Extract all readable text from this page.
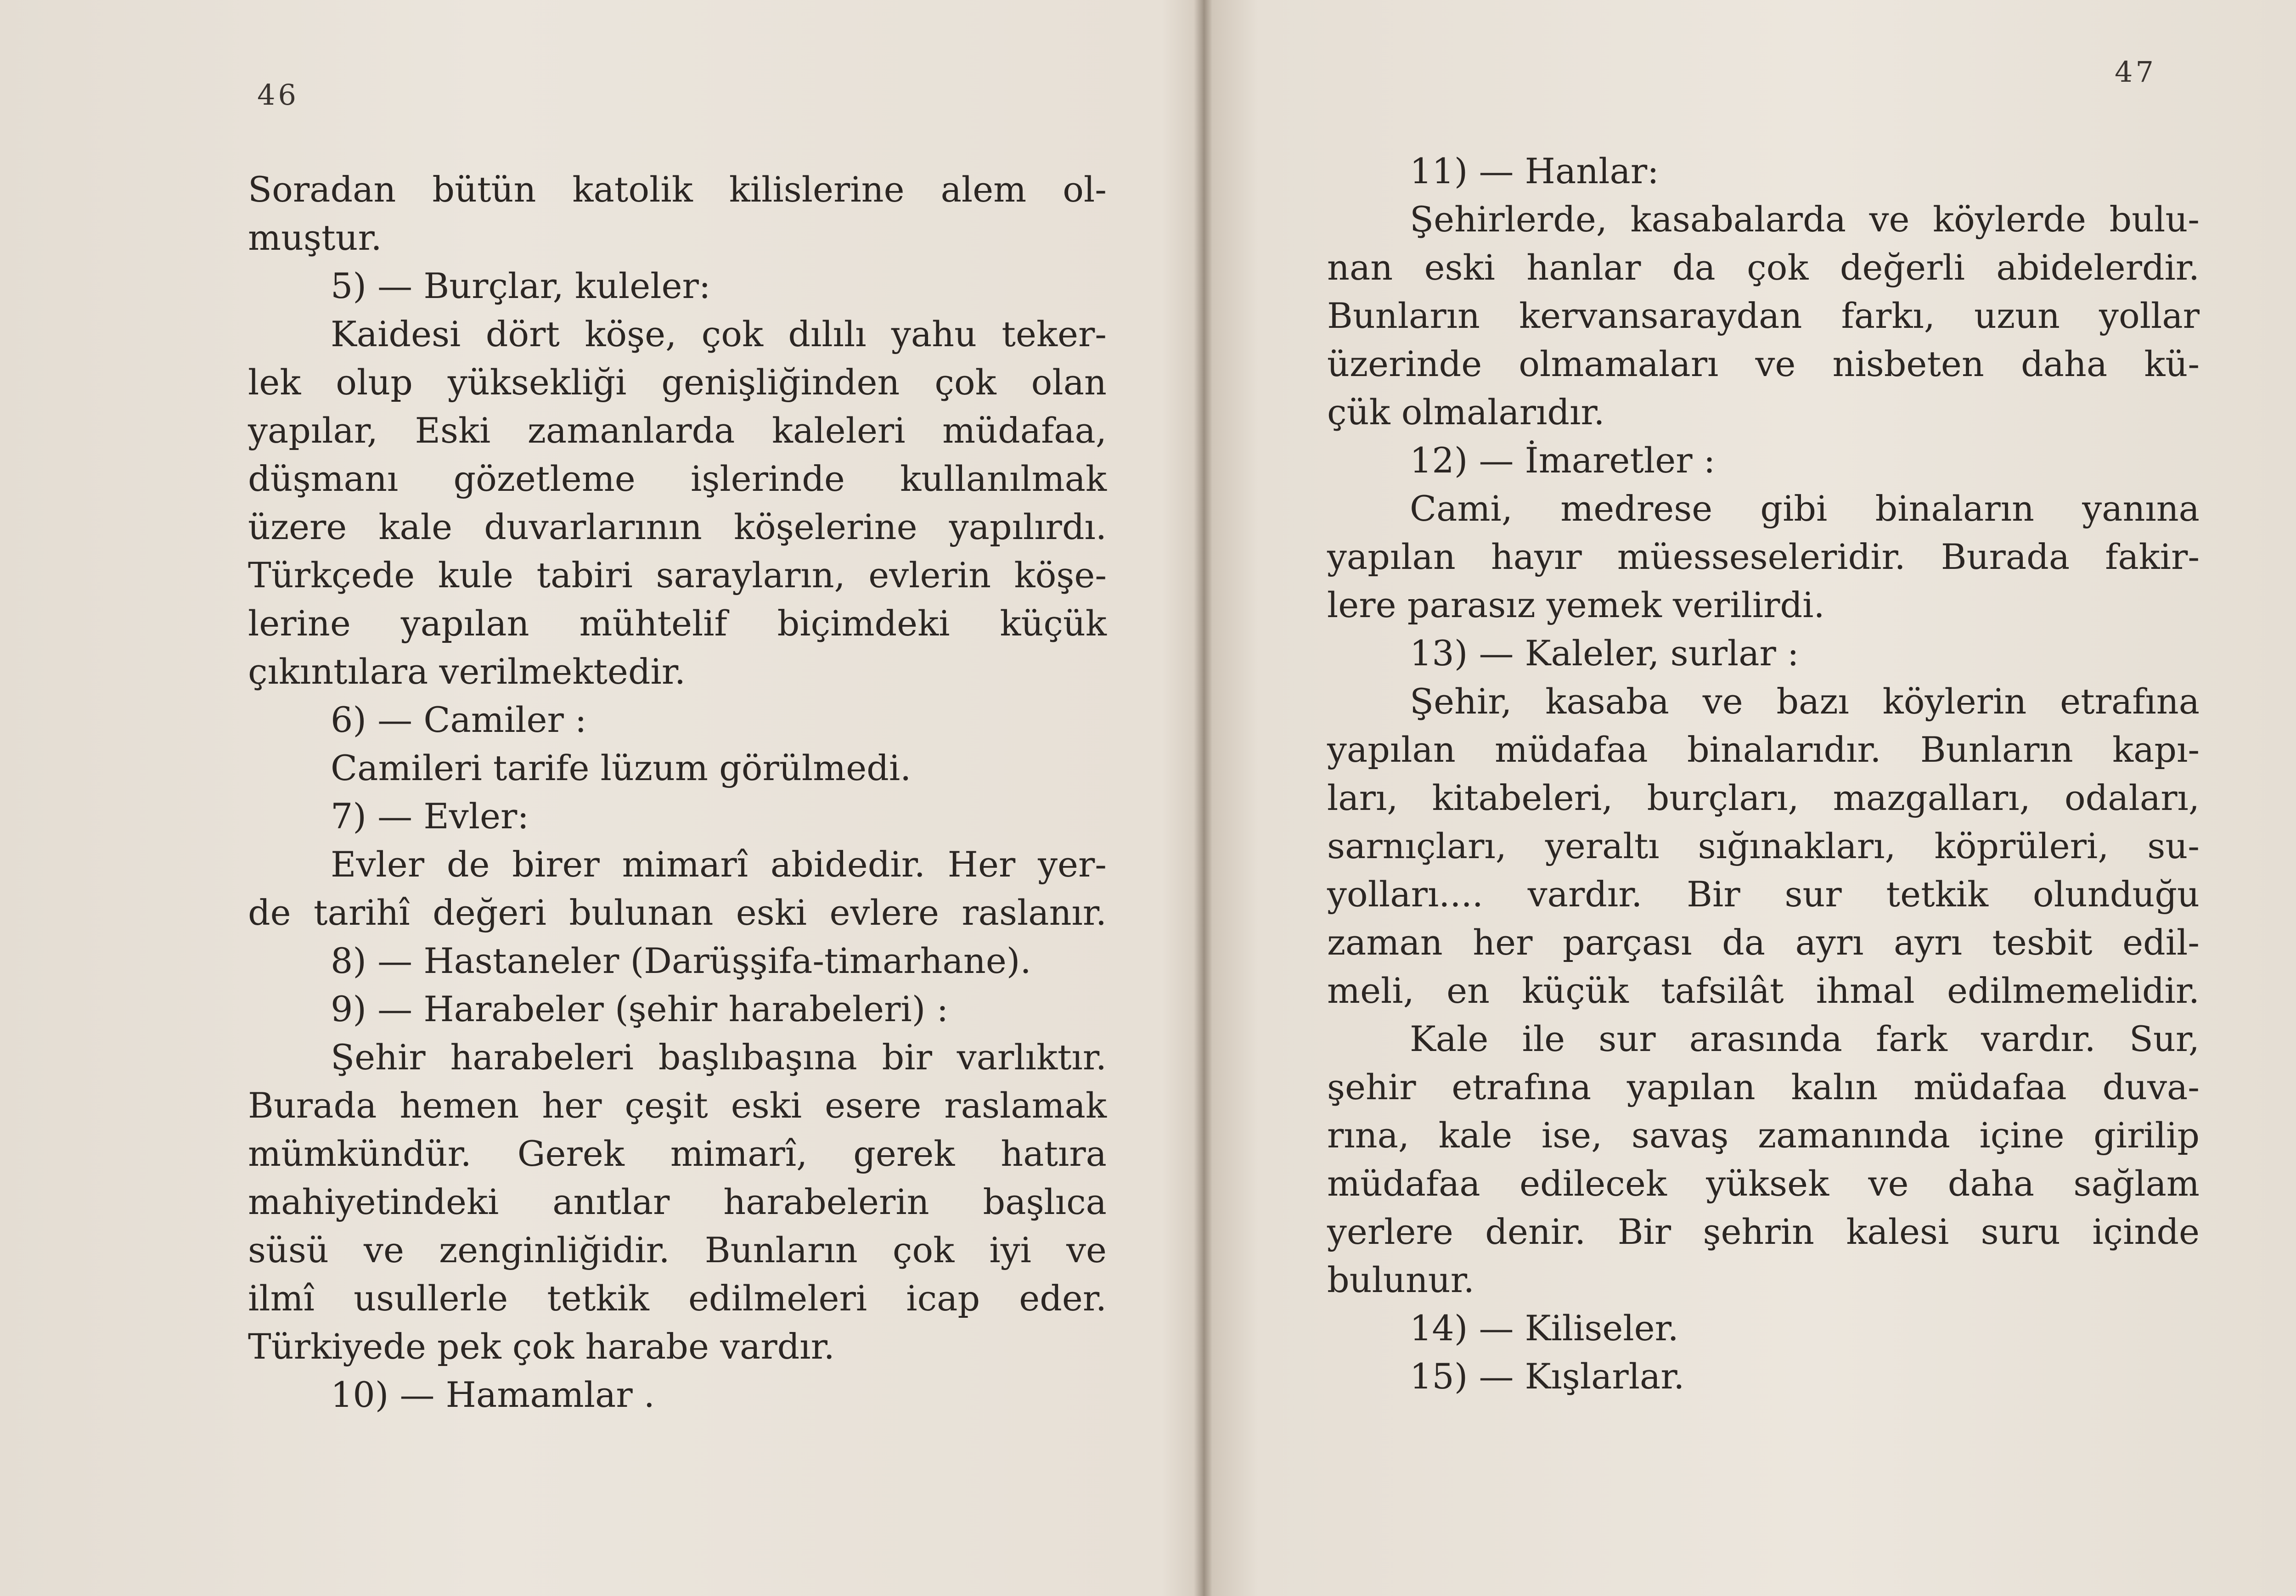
46
Soradan bütün katolik kilislerine alem ol-
muştur.
5) — Burçlar, kuleler:
Kaidesi dört köşe, çok dılılı yahu teker-
lek olup yüksekliği genişliğinden çok olan
yapılar, Eski zamanlarda kaleleri müdafaa,
düşmanı gözetleme işlerinde kullanılmak
üzere kale duvarlarının köşelerine yapılırdı.
Türkçede kule tabiri sarayların, evlerin köşe-
lerine yapılan mühtelif biçimdeki küçük
çıkıntılara verilmektedir.
6) — Camiler :
Camileri tarife lüzum görülmedi.
7) — Evler:
Evler de birer mimarî abidedir. Her yer-
de tarihî değeri bulunan eski evlere raslanır.
8) — Hastaneler (Darüşşifa-timarhane).
9) — Harabeler (şehir harabeleri) :
Şehir harabeleri başlıbaşına bir varlıktır.
Burada hemen her çeşit eski esere raslamak
mümkündür. Gerek mimarî, gerek hatıra
mahiyetindeki anıtlar harabelerin başlıca
süsü ve zenginliğidir. Bunların çok iyi ve
ilmî usullerle tetkik edilmeleri icap eder.
Türkiyede pek çok harabe vardır.
10) — Hamamlar .
47
11) — Hanlar:
Şehirlerde, kasabalarda ve köylerde bulu-
nan eski hanlar da çok değerli abidelerdir.
Bunların kervansaraydan farkı, uzun yollar
üzerinde olmamaları ve nisbeten daha kü-
çük olmalarıdır.
12) — İmaretler :
Cami, medrese gibi binaların yanına
yapılan hayır müesseseleridir. Burada fakir-
lere parasız yemek verilirdi.
13) — Kaleler, surlar :
Şehir, kasaba ve bazı köylerin etrafına
yapılan müdafaa binalarıdır. Bunların kapı-
ları, kitabeleri, burçları, mazgalları, odaları,
sarnıçları, yeraltı sığınakları, köprüleri, su-
yolları.... vardır. Bir sur tetkik olunduğu
zaman her parçası da ayrı ayrı tesbit edil-
meli, en küçük tafsilât ihmal edilmemelidir.
Kale ile sur arasında fark vardır. Sur,
şehir etrafına yapılan kalın müdafaa duva-
rına, kale ise, savaş zamanında içine girilip
müdafaa edilecek yüksek ve daha sağlam
yerlere denir. Bir şehrin kalesi suru içinde
bulunur.
14) — Kiliseler.
15) — Kışlarlar.
